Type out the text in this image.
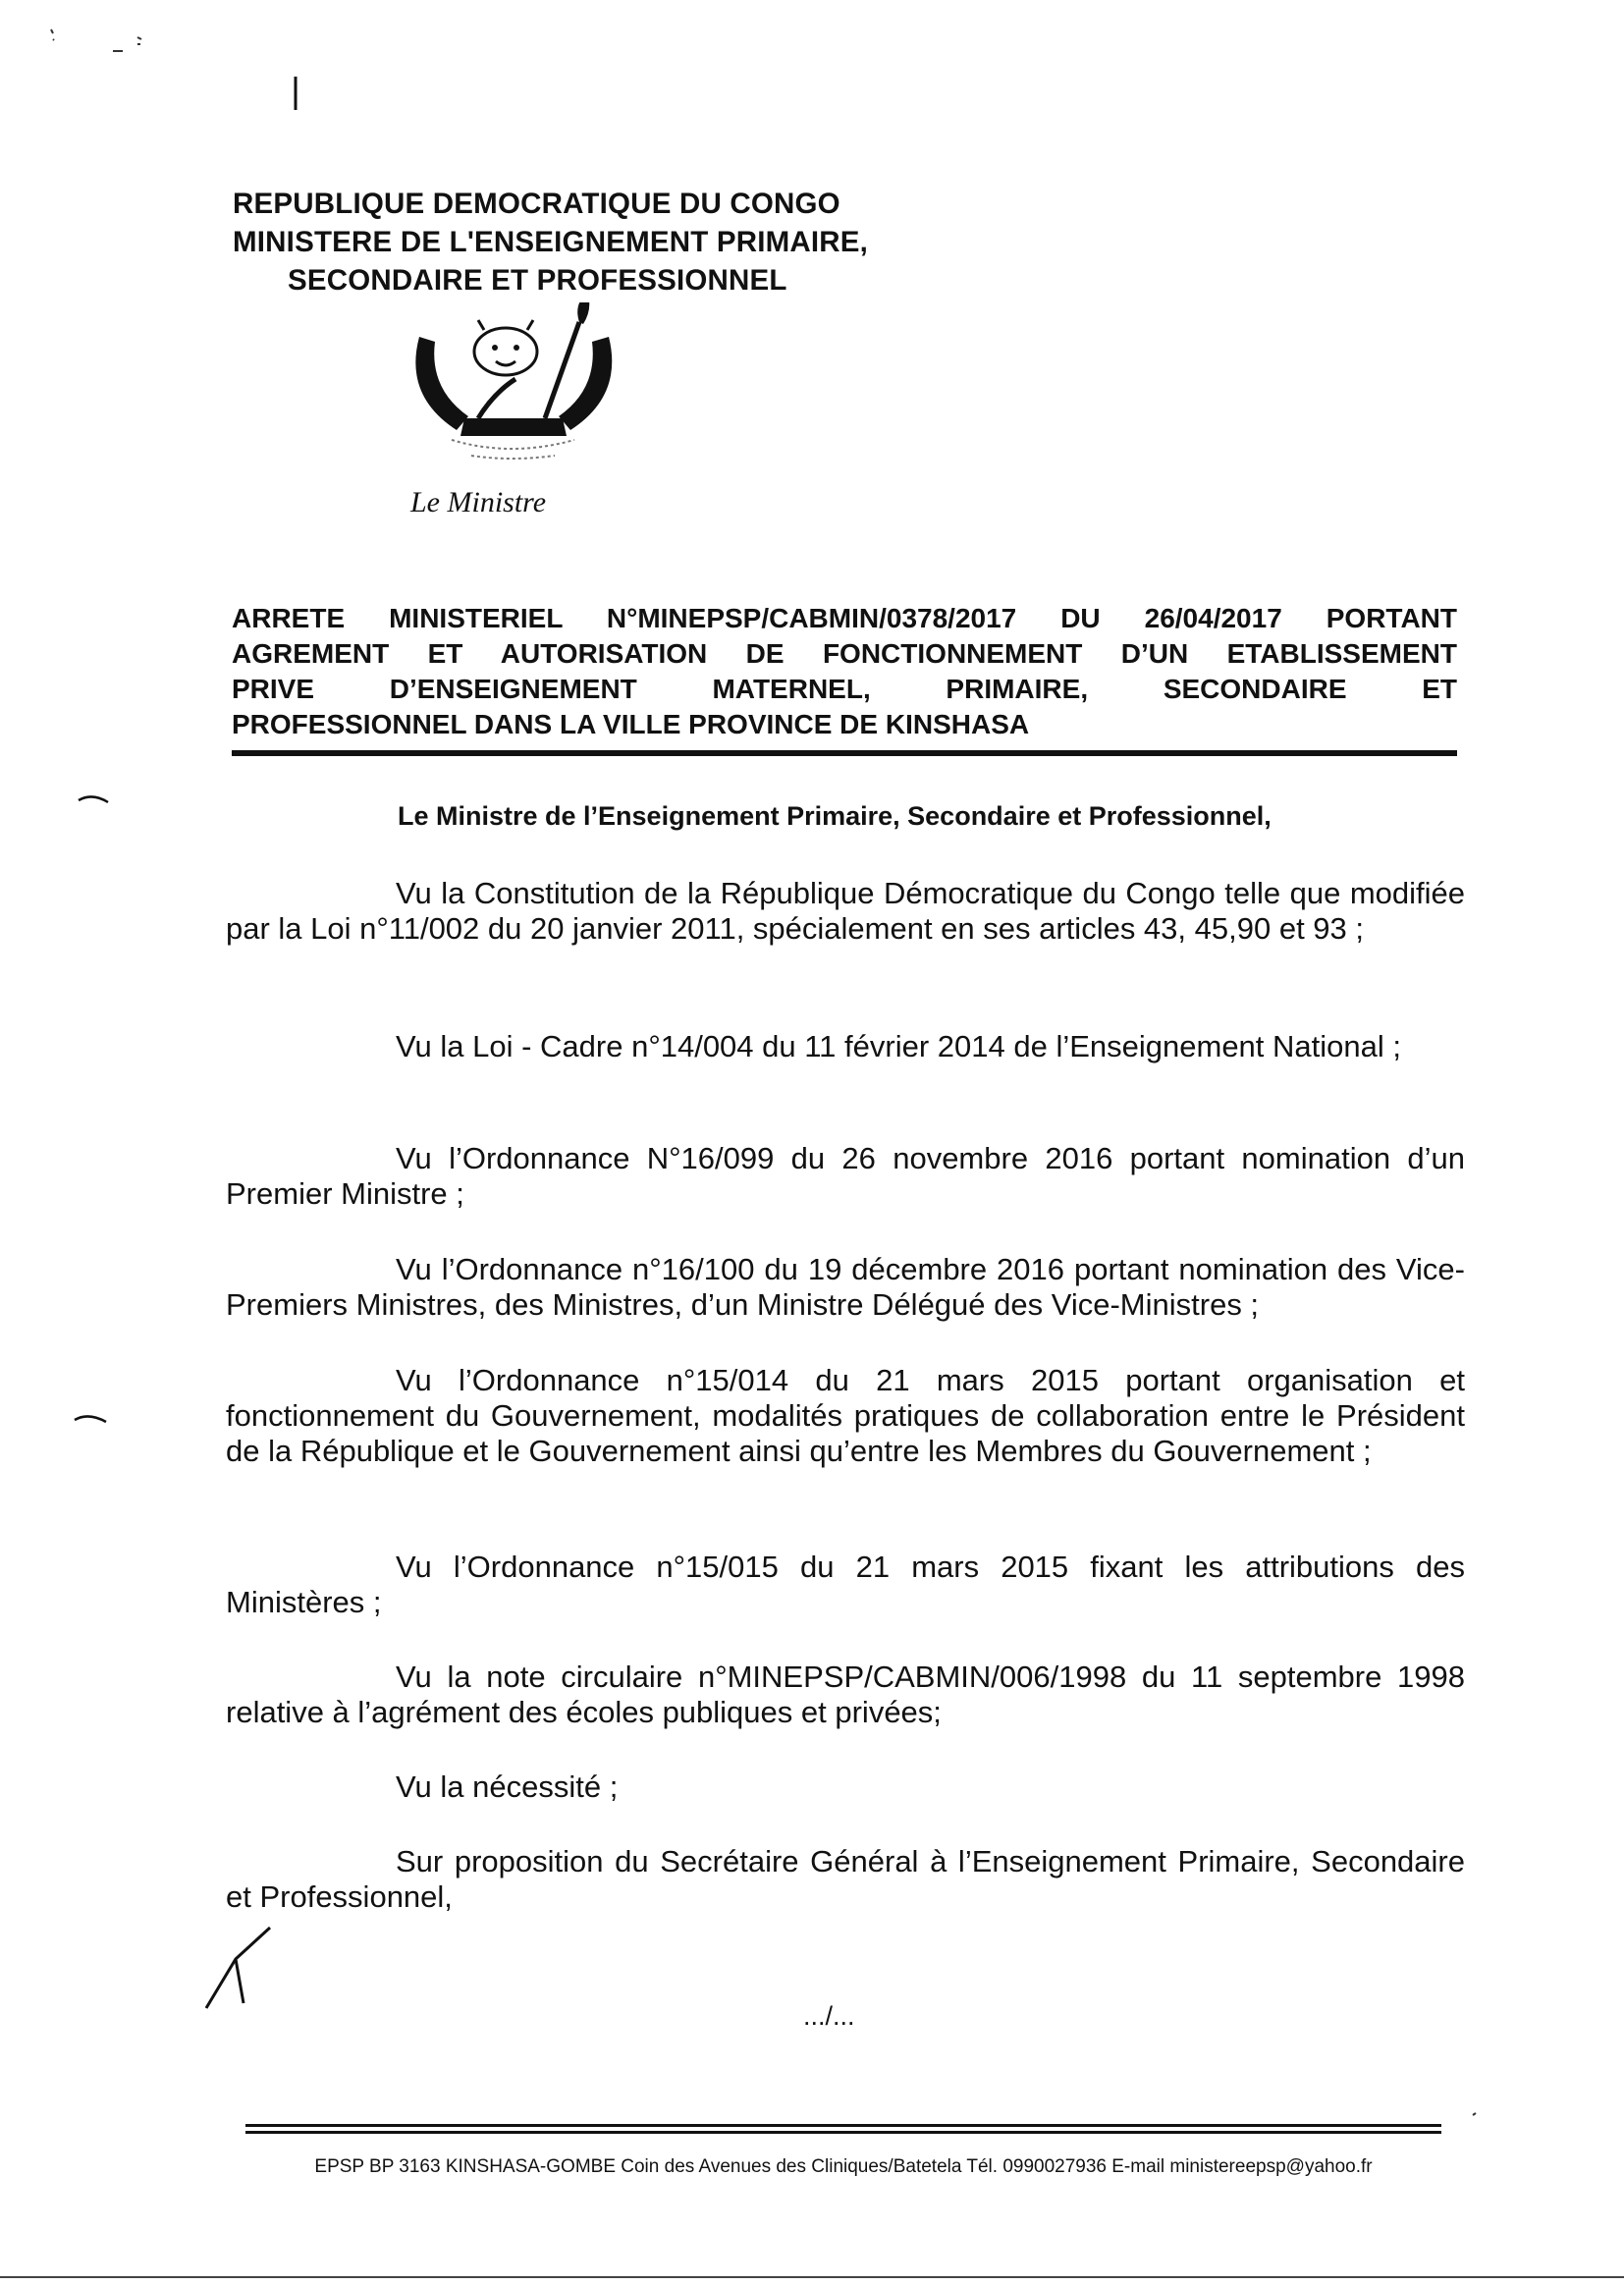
REPUBLIQUE DEMOCRATIQUE DU CONGO
MINISTERE DE L'ENSEIGNEMENT PRIMAIRE,
SECONDAIRE ET PROFESSIONNEL
Le Ministre
ARRETE MINISTERIEL N°MINEPSP/CABMIN/0378/2017 DU 26/04/2017 PORTANT
AGREMENT ET AUTORISATION DE FONCTIONNEMENT D’UN ETABLISSEMENT
PRIVE D’ENSEIGNEMENT MATERNEL, PRIMAIRE, SECONDAIRE ET
PROFESSIONNEL DANS LA VILLE PROVINCE DE KINSHASA
Le Ministre de l’Enseignement Primaire, Secondaire et Professionnel,

Vu la Constitution de la République Démocratique du Congo telle que modifiée par la Loi n°11/002 du 20 janvier 2011, spécialement en ses articles 43, 45,90 et 93 ;

Vu la Loi - Cadre n°14/004 du 11 février 2014 de l’Enseignement National ;

Vu l’Ordonnance N°16/099 du 26 novembre 2016 portant nomination d’un Premier Ministre ;

Vu l’Ordonnance n°16/100 du 19 décembre 2016 portant nomination des Vice-Premiers Ministres, des Ministres, d’un Ministre Délégué des Vice-Ministres ;

Vu l’Ordonnance n°15/014 du 21 mars 2015 portant organisation et fonctionnement du Gouvernement, modalités pratiques de collaboration entre le Président de la République et le Gouvernement ainsi qu’entre les Membres du Gouvernement ;

Vu l’Ordonnance n°15/015 du 21 mars 2015 fixant les attributions des Ministères ;

Vu la note circulaire n°MINEPSP/CABMIN/006/1998 du 11 septembre 1998 relative à l’agrément des écoles publiques et privées;

Vu la nécessité ;

Sur proposition du Secrétaire Général à l’Enseignement Primaire, Secondaire et Professionnel,

.../...
EPSP BP 3163 KINSHASA-GOMBE Coin des Avenues des Cliniques/Batetela Tél. 0990027936 E-mail ministereepsp@yahoo.fr
